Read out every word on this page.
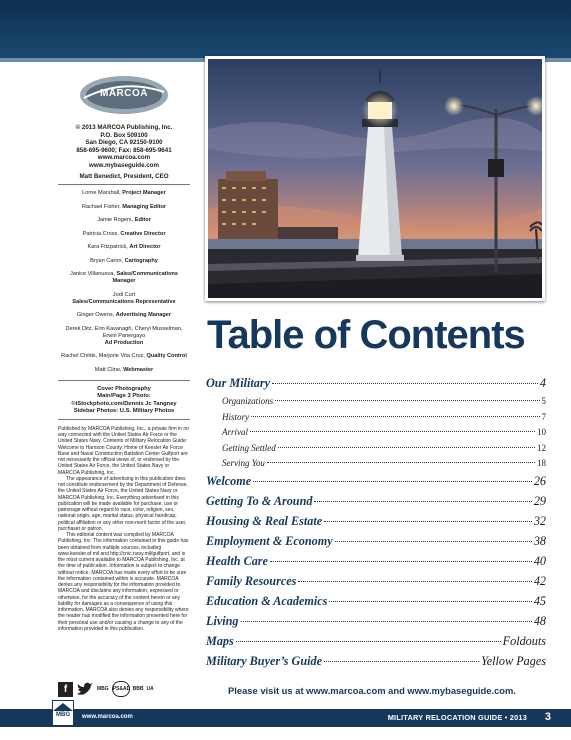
MARCOA
© 2013 MARCOA Publishing, Inc.
P.O. Box 509100
San Diego, CA 92150-9100
858-695-9600; Fax: 858-695-9641
www.marcoa.com
www.mybaseguide.com
Matt Benedict, President, CEO
Lorne Marshall, Project Manager
Rachael Fisher, Managing Editor
Jamie Rogers, Editor
Patricia Cross, Creative Director
Kara Fitzpatrick, Art Director
Bryan Caron, Cartography
Janice Villanueva, Sales/Communications Manager
Jodi Curt
Sales/Communications Representative
Ginger Owens, Advertising Manager
Derek Ditz, Erin Kavanagh, Cheryl Musselman, Erwin Panergayo
Ad Production
Rachel Childs, Marjorie Vita Cruz, Quality Control
Matt Cline, Webmaster
Cover Photography
Main/Page 3 Photo:
©iStockphoto.com/Dennis Jc Tangney
Sidebar Photos: U.S. Military Photos

Published by MARCOA Publishing, Inc., a private firm in no way connected with the United States Air Force or the United States Navy. Contents of Military Relocation Guide: Welcome to Harrison County, Home of Keesler Air Force Base and Naval Construction Battalion Center Gulfport are not necessarily the official views of, or endorsed by the United States Air Force, the United States Navy or MARCOA Publishing, Inc.

The appearance of advertising in this publication does not constitute endorsement by the Department of Defense, the United States Air Force, the United States Navy or MARCOA Publishing, Inc. Everything advertised in this publication will be made available for purchase, use or patronage without regard to race, color, religion, sex, national origin, age, marital status, physical handicap, political affiliation or any other non-merit factor of the user, purchaser or patron.

This editorial content was compiled by MARCOA Publishing, Inc. The information contained in this guide has been obtained from multiple sources, including www.keesler.af.mil and http://cnic.navy.mil/gulfport, and is the most current available to MARCOA Publishing, Inc. at the time of publication. Information is subject to change without notice. MARCOA has made every effort to be sure the information contained within is accurate. MARCOA denies any responsibility for the information provided to MARCOA and disclaims any information, expressed or otherwise, for the accuracy of the content herein or any liability for damages as a consequence of using this information. MARCOA also denies any responsibility where the reader has modified the information presented here for their personal use and/or causing a change to any of the information provided in this publication.

f	MBG PS&AD BBB UA
Table of Contents
Our Military	4
Organizations	5
History	7
Arrival	10
Getting Settled	12
Serving You	18
Welcome	26
Getting To & Around	29
Housing & Real Estate	32
Employment & Economy	38
Health Care	40
Family Resources	42
Education & Academics	45
Living	48
Maps	Foldouts
Military Buyer’s Guide	Yellow Pages
Please visit us at www.marcoa.com and www.mybaseguide.com.
www.marcoa.com	MILITARY RELOCATION GUIDE • 2013 3
MBG
